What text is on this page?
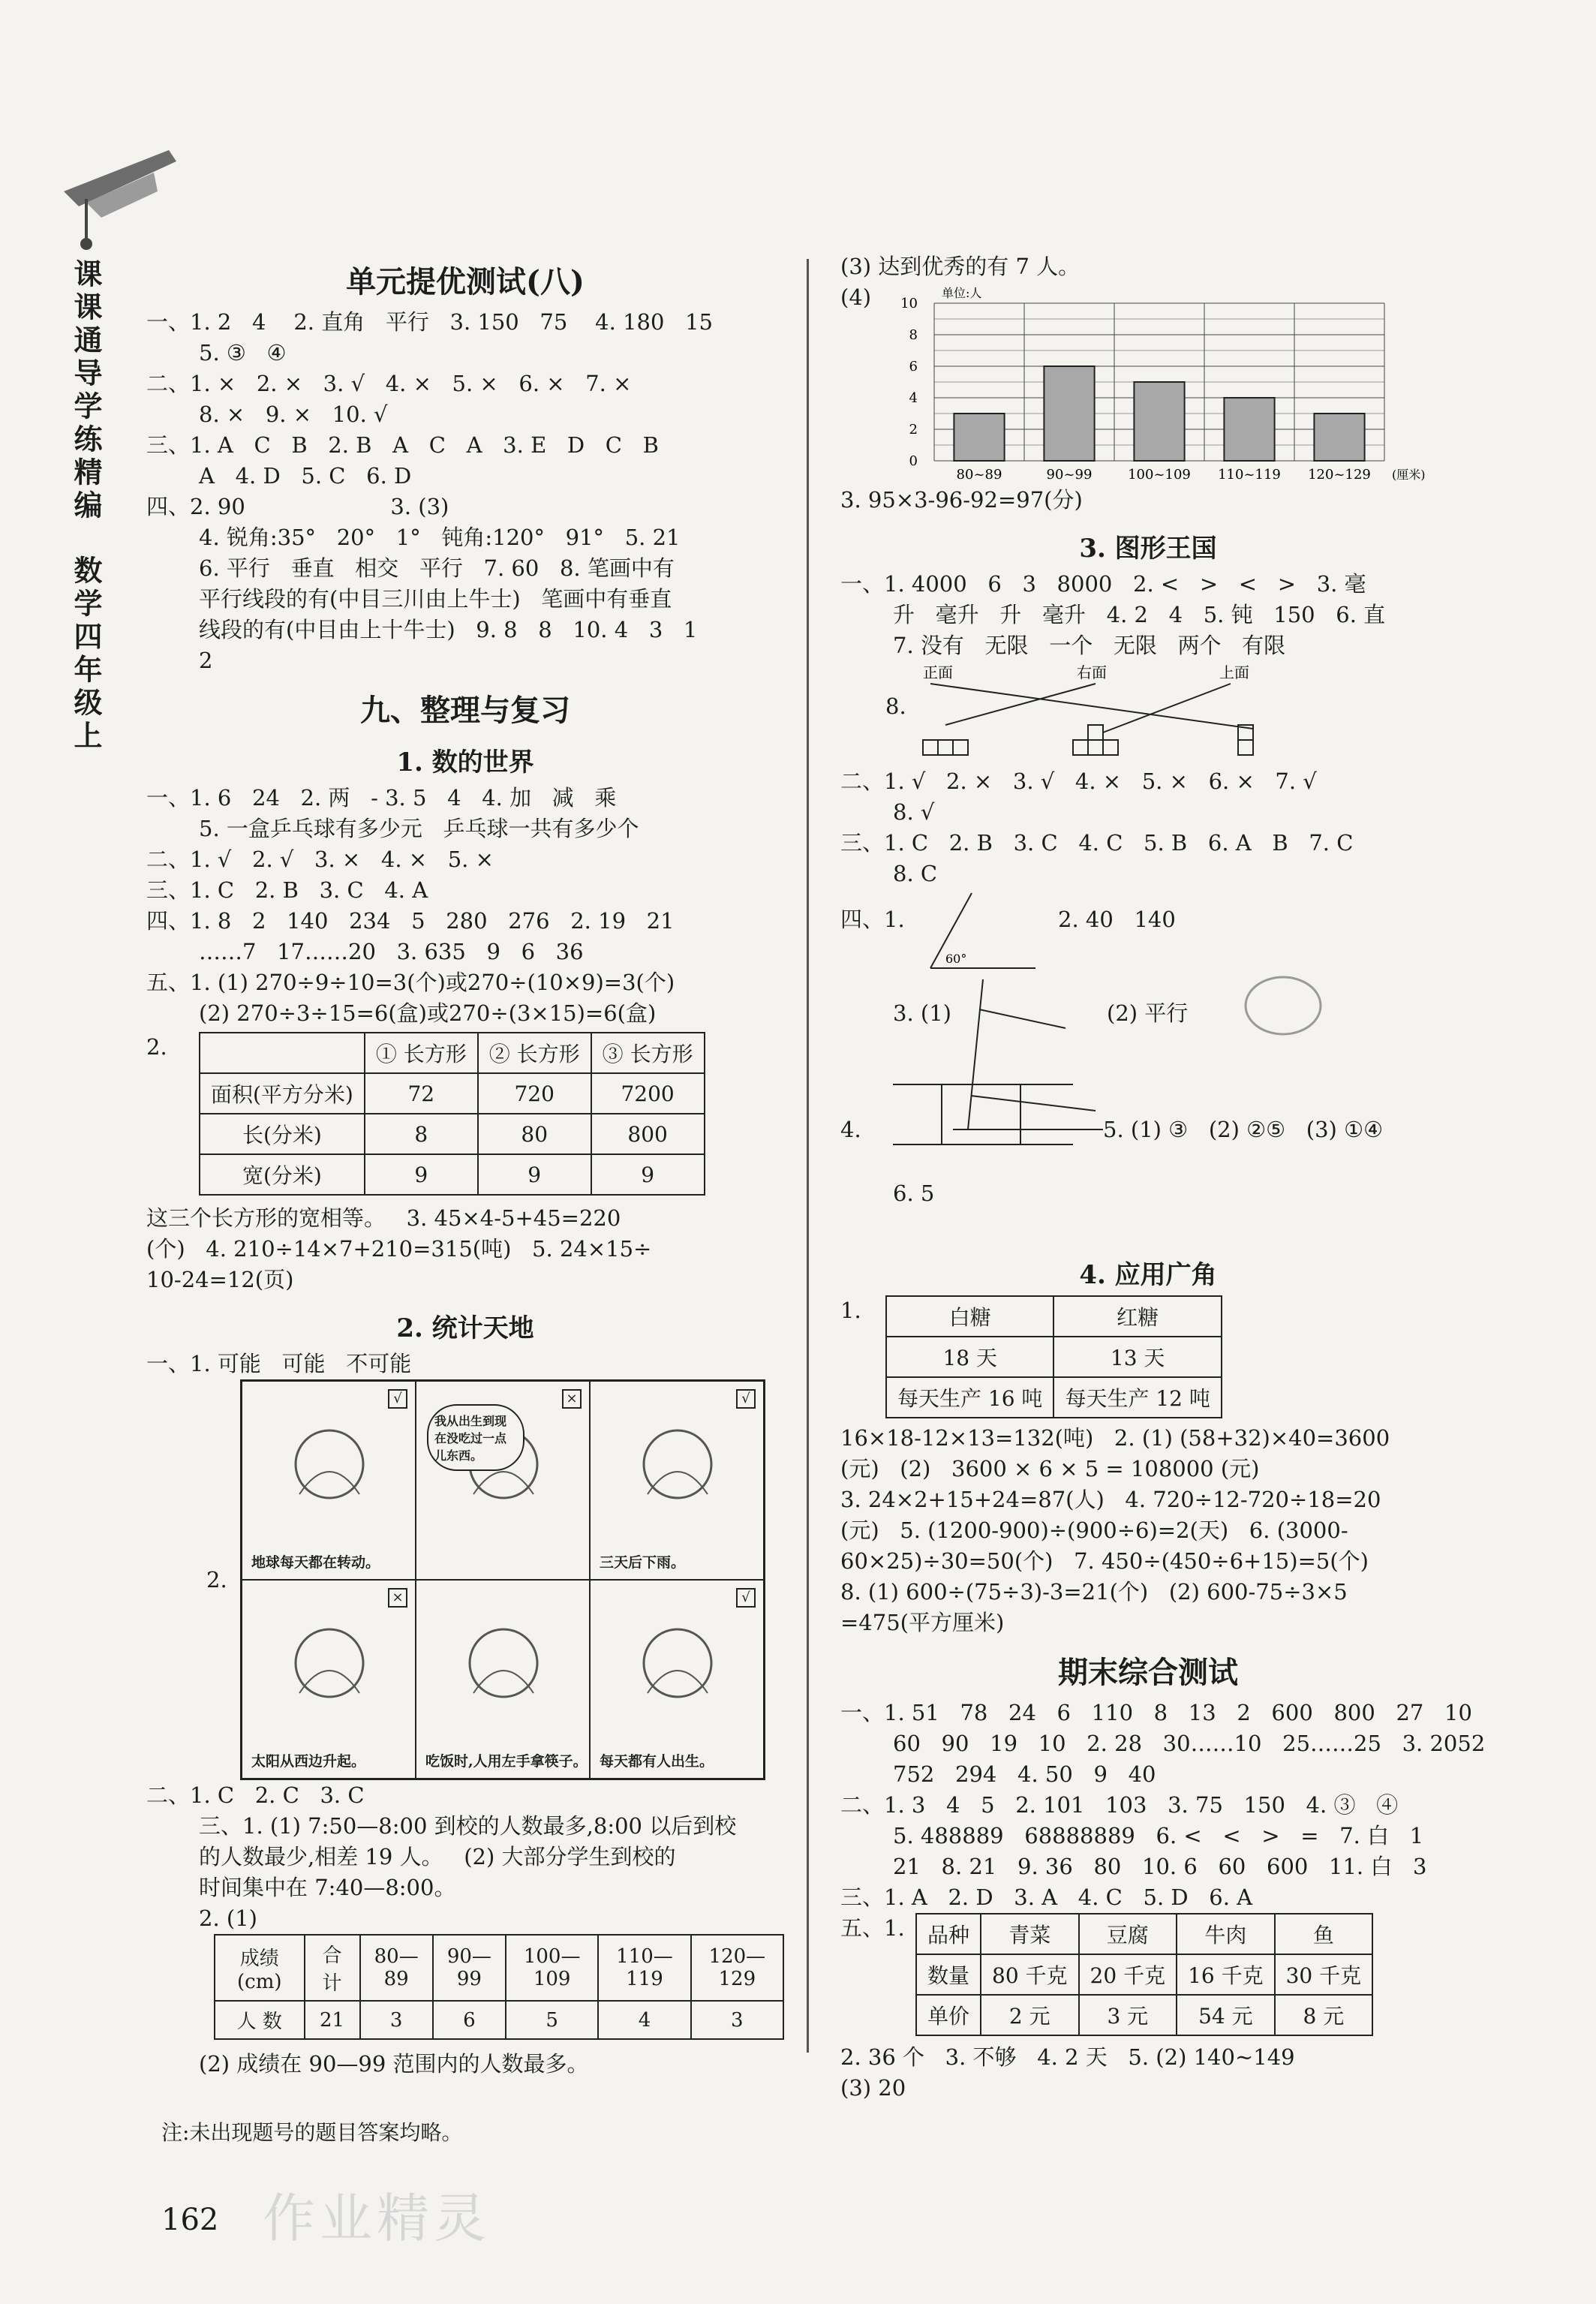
课课通导学练精编
数学四年级上
单元提优测试(八)
一、1. 2   4    2. 直角   平行   3. 150   75    4. 180   15
5. ③   ④
二、1. ×   2. ×   3. √   4. ×   5. ×   6. ×   7. ×
8. ×   9. ×   10. √
三、1. A   C   B   2. B   A   C   A   3. E   D   C   B
A   4. D   5. C   6. D
四、2. 90                     3. (3)
4. 锐角:35°   20°   1°   钝角:120°   91°   5. 21
6. 平行   垂直   相交   平行   7. 60   8. 笔画中有
平行线段的有(中目三川由上牛士)   笔画中有垂直
线段的有(中目由上十牛士)   9. 8   8   10. 4   3   1
2
九、整理与复习
1. 数的世界
一、1. 6   24   2. 两   - 3. 5   4   4. 加   减   乘
5. 一盒乒乓球有多少元   乒乓球一共有多少个
二、1. √   2. √   3. ×   4. ×   5. ×
三、1. C   2. B   3. C   4. A
四、1. 8   2   140   234   5   280   276   2. 19   21
……7   17……20   3. 635   9   6   36
五、1. (1) 270÷9÷10=3(个)或270÷(10×9)=3(个)
(2) 270÷3÷15=6(盒)或270÷(3×15)=6(盒)
2.
		① 长方形	② 长方形	③ 长方形
面积(平方分米)	72	720	7200
长(分米)	8	80	800
宽(分米)	9	9	9
这三个长方形的宽相等。   3. 45×4-5+45=220
(个)   4. 210÷14×7+210=315(吨)   5. 24×15÷
10-24=12(页)
2. 统计天地
一、1. 可能   可能   不可能
2.
√
地球每天都在转动。
×
我从出生到现在没吃过一点儿东西。
√
三天后下雨。
×
太阳从西边升起。	吃饭时,人用左手拿筷子。
√
每天都有人出生。
二、1. C   2. C   3. C
三、1. (1) 7:50—8:00 到校的人数最多,8:00 以后到校
的人数最少,相差 19 人。   (2) 大部分学生到校的
时间集中在 7:40—8:00。
2. (1)
成绩(cm)	合计	80—89	90—99	100—109	110—119	120—129
人 数	21	3	6	5	4	3
(2) 成绩在 90—99 范围内的人数最多。
(3) 达到优秀的有 7 人。
(4)
0
2
4
6
8
10
80~89	90~99	100~109 110~119 120~129
单位:人
(厘米)
3. 95×3-96-92=97(分)
3. 图形王国
一、1. 4000   6   3   8000   2. <   >   <   >   3. 毫
升   毫升   升   毫升   4. 2   4   5. 钝   150   6. 直
7. 没有   无限   一个   无限   两个   有限
8.
正面	右面	上面
二、1. √   2. ×   3. √   4. ×   5. ×   6. ×   7. √
8. √
三、1. C   2. B   3. C   4. C   5. B   6. A   B   7. C
8. C
四、1.
60°
2. 40   140
3. (1)	(2) 平行
4.	5. (1) ③   (2) ②⑤   (3) ①④
6. 5
4. 应用广角
1.	白糖	红糖
18 天	13 天
每天生产 16 吨	每天生产 12 吨
16×18-12×13=132(吨)   2. (1) (58+32)×40=3600
(元)   (2)   3600 × 6 × 5 = 108000 (元)
3. 24×2+15+24=87(人)   4. 720÷12-720÷18=20
(元)   5. (1200-900)÷(900÷6)=2(天)   6. (3000-
60×25)÷30=50(个)   7. 450÷(450÷6+15)=5(个)
8. (1) 600÷(75÷3)-3=21(个)   (2) 600-75÷3×5
=475(平方厘米)
期末综合测试
一、1. 51   78   24   6   110   8   13   2   600   800   27   10
60   90   19   10   2. 28   30……10   25……25   3. 2052
752   294   4. 50   9   40
二、1. 3   4   5   2. 101   103   3. 75   150   4. ③   ④
5. 488889   68888889   6. <   <   >   =   7. 白   1
21   8. 21   9. 36   80   10. 6   60   600   11. 白   3
三、1. A   2. D   3. A   4. C   5. D   6. A
五、1.	品种	青菜	豆腐	牛肉	鱼
数量	80 千克	20 千克	16 千克	30 千克
单价	2 元	3 元	54 元	8 元
2. 36 个   3. 不够   4. 2 天   5. (2) 140~149
(3) 20
注:未出现题号的题目答案均略。
162 作业精灵
